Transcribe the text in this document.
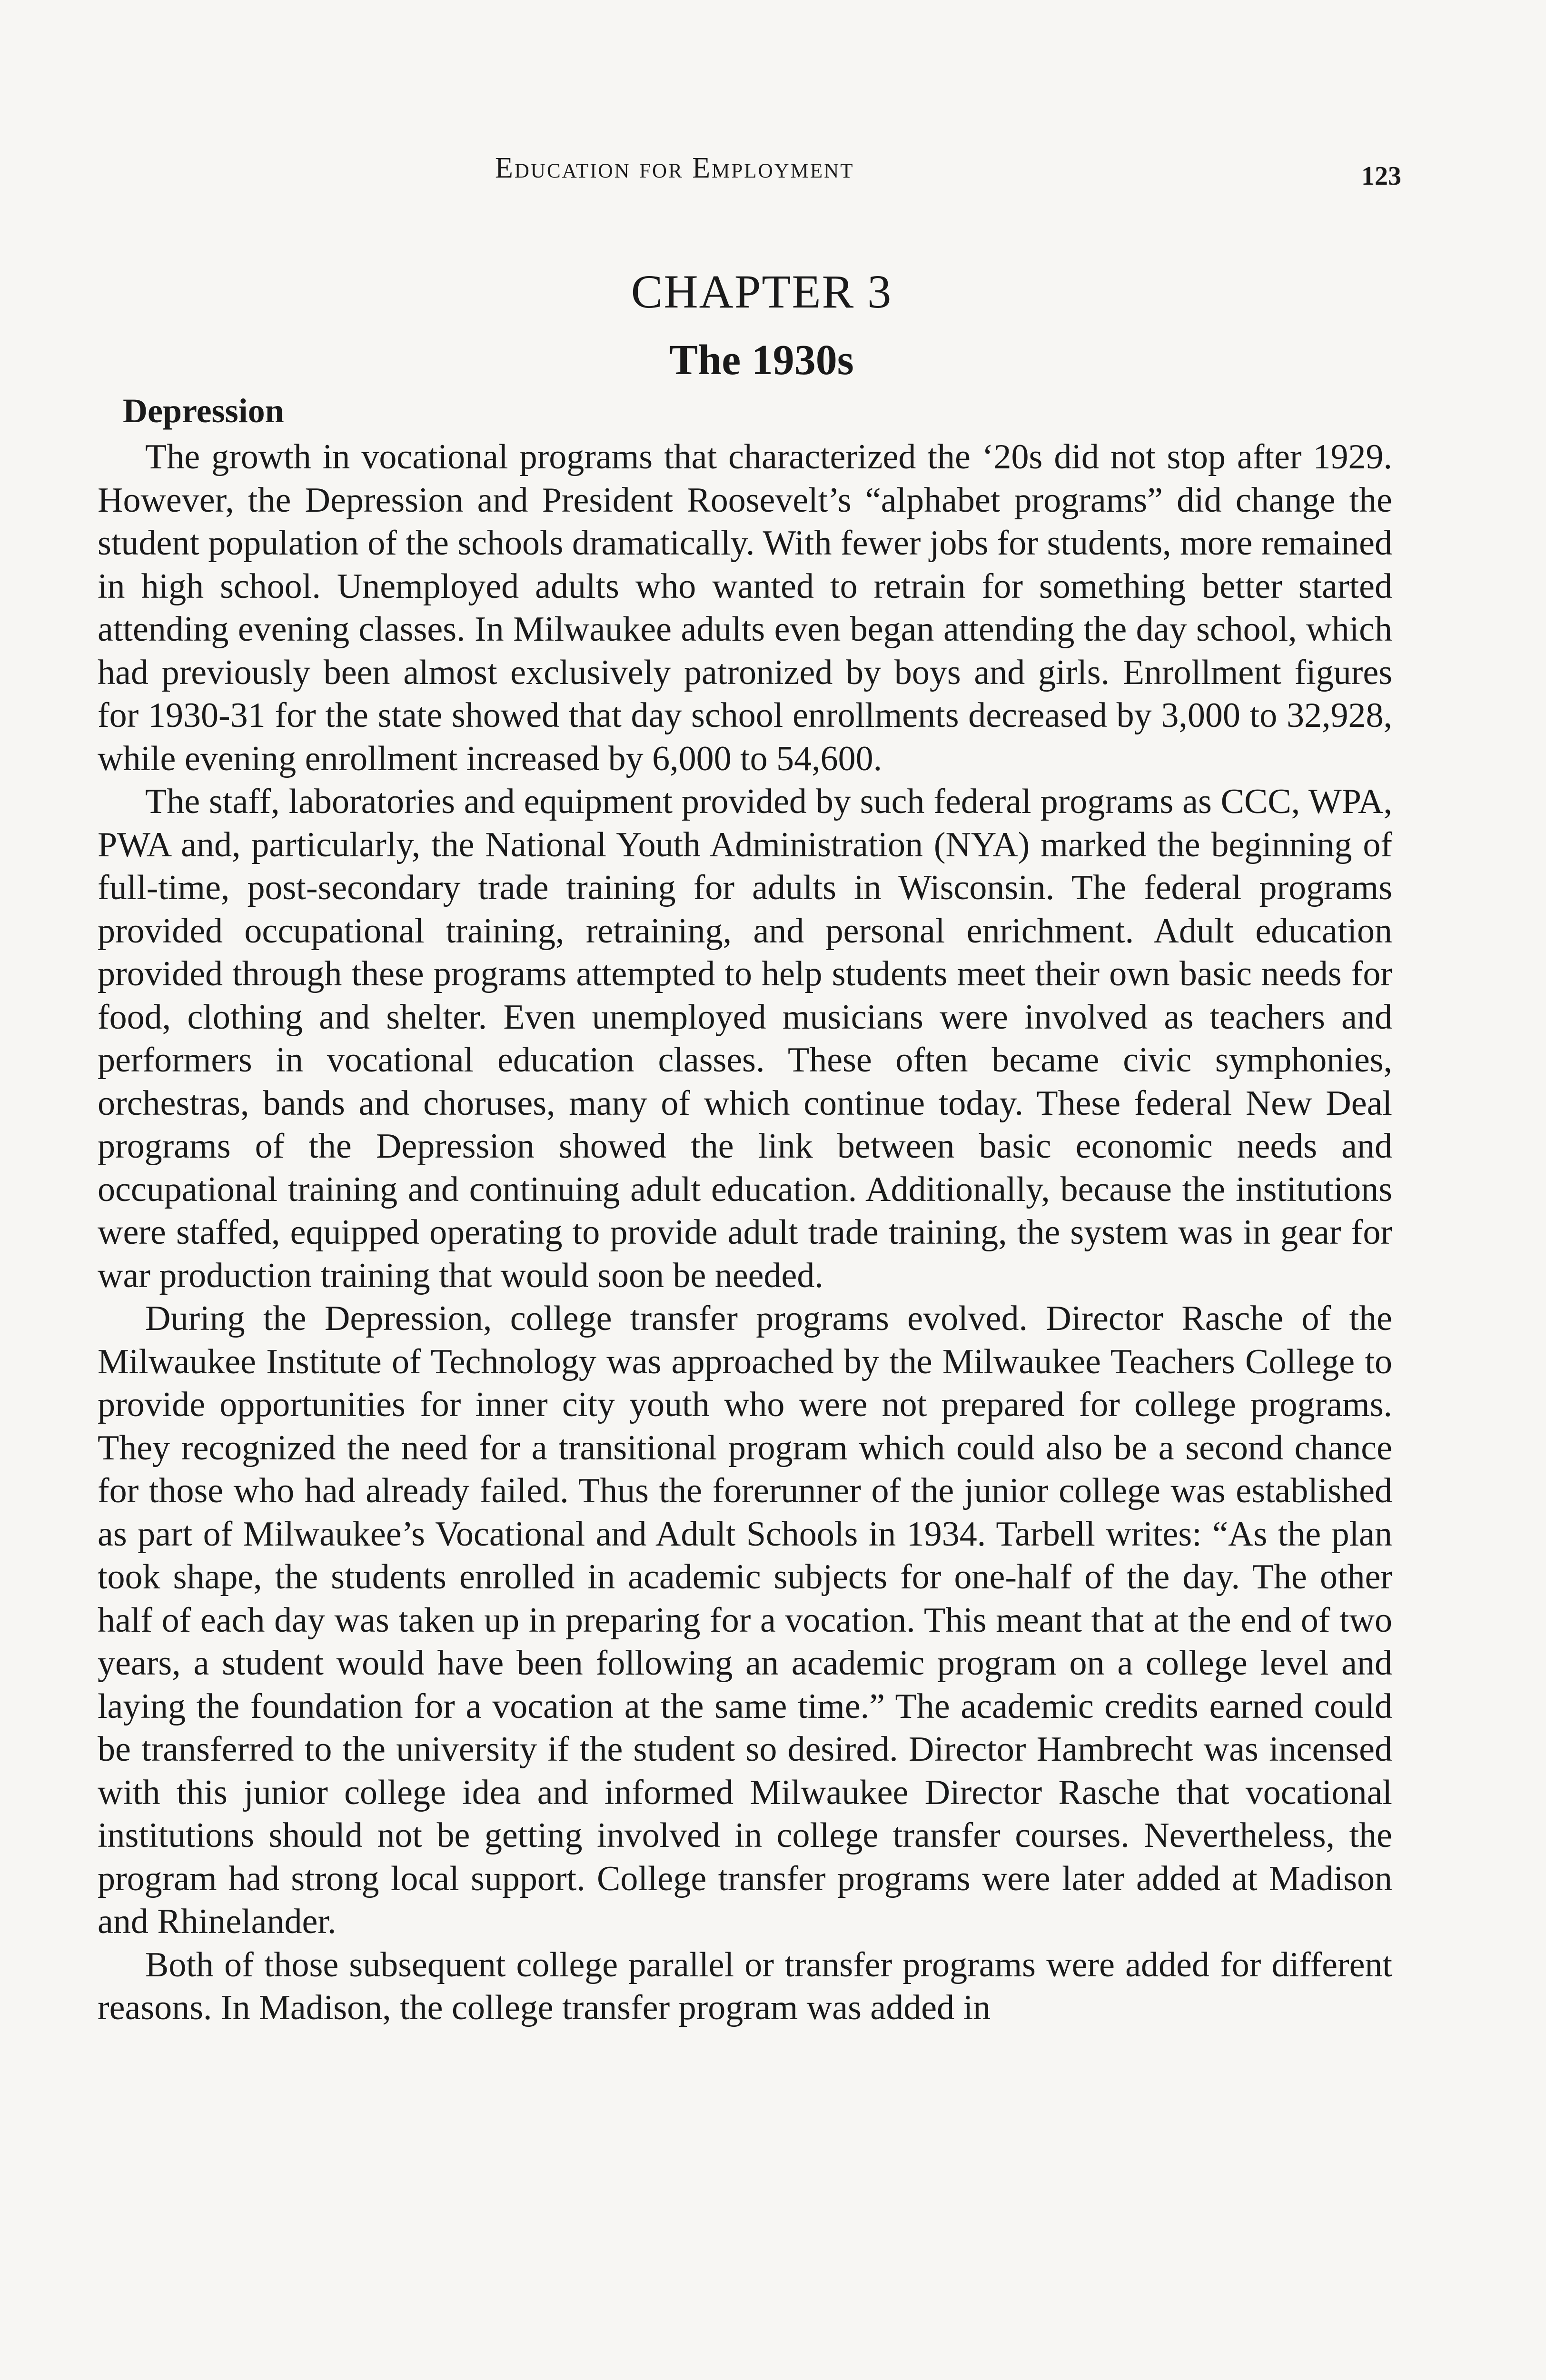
Education for Employment	123
CHAPTER 3
The 1930s
Depression

The growth in vocational programs that characterized the ‘20s did not stop after 1929. However, the Depression and President Roosevelt’s “alphabet programs” did change the student population of the schools dramatically. With fewer jobs for students, more remained in high school. Unemployed adults who wanted to retrain for something better started attending evening classes. In Milwaukee adults even began attending the day school, which had previously been almost exclusively patronized by boys and girls. Enrollment figures for 1930-31 for the state showed that day school enrollments decreased by 3,000 to 32,928, while evening enrollment increased by 6,000 to 54,600.

The staff, laboratories and equipment provided by such federal programs as CCC, WPA, PWA and, particularly, the National Youth Administration (NYA) marked the beginning of full-time, post-secondary trade training for adults in Wisconsin. The federal programs provided occupational training, retraining, and personal enrichment. Adult education provided through these programs attempted to help students meet their own basic needs for food, clothing and shelter. Even unemployed musicians were involved as teachers and performers in vocational education classes. These often became civic symphonies, orchestras, bands and choruses, many of which continue today. These federal New Deal programs of the Depression showed the link between basic economic needs and occupational training and continuing adult education. Additionally, because the institutions were staffed, equipped operating to provide adult trade training, the system was in gear for war production training that would soon be needed.

During the Depression, college transfer programs evolved. Director Rasche of the Milwaukee Institute of Technology was approached by the Milwaukee Teachers College to provide opportunities for inner city youth who were not prepared for college programs. They recognized the need for a transitional program which could also be a second chance for those who had already failed. Thus the forerunner of the junior college was established as part of Milwaukee’s Vocational and Adult Schools in 1934. Tarbell writes: “As the plan took shape, the students enrolled in academic subjects for one-half of the day. The other half of each day was taken up in preparing for a vocation. This meant that at the end of two years, a student would have been following an academic program on a college level and laying the foundation for a vocation at the same time.” The academic credits earned could be transferred to the university if the student so desired. Director Hambrecht was incensed with this junior college idea and informed Milwaukee Director Rasche that vocational institutions should not be getting involved in college transfer courses. Nevertheless, the program had strong local support. College transfer programs were later added at Madison and Rhinelander.

Both of those subsequent college parallel or transfer programs were added for different reasons. In Madison, the college transfer program was added in
